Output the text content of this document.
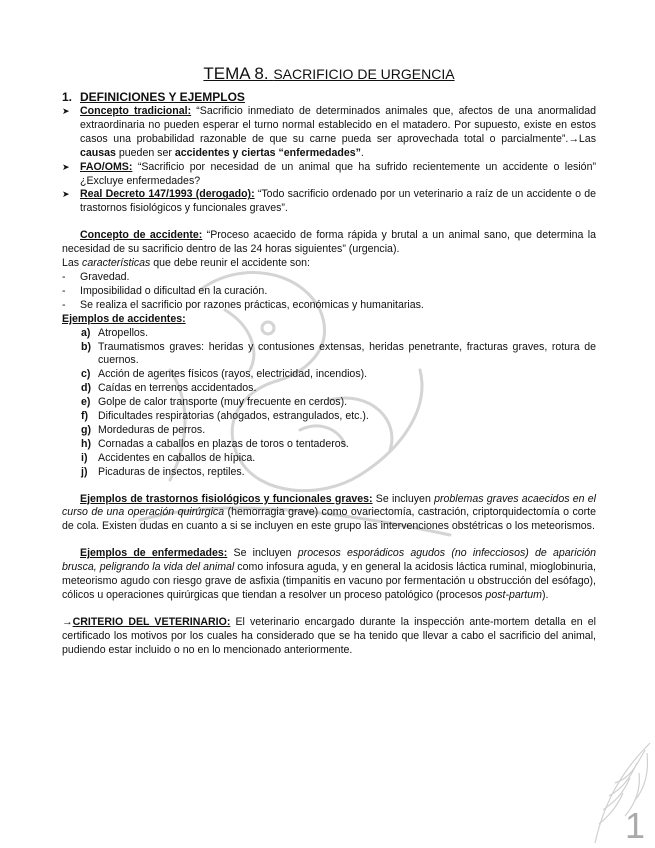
1
TEMA 8. SACRIFICIO DE URGENCIA
1. DEFINICIONES Y EJEMPLOS
➤ Concepto tradicional: “Sacrificio inmediato de determinados animales que, afectos de una anormalidad extraordinaria no pueden esperar el turno normal establecido en el matadero. Por supuesto, existe en estos casos una probabilidad razonable de que su carne pueda ser aprovechada total o parcialmente”.→Las causas pueden ser accidentes y ciertas “enfermedades”.
➤ FAO/OMS: “Sacrificio por necesidad de un animal que ha sufrido recientemente un accidente o lesión” ¿Excluye enfermedades?
➤ Real Decreto 147/1993 (derogado): “Todo sacrificio ordenado por un veterinario a raíz de un accidente o de trastornos fisiológicos y funcionales graves”.

Concepto de accidente: “Proceso acaecido de forma rápida y brutal a un animal sano, que determina la necesidad de su sacrificio dentro de las 24 horas siguientes” (urgencia).

Las características que debe reunir el accidente son:

- Gravedad.
- Imposibilidad o dificultad en la curación.
- Se realiza el sacrificio por razones prácticas, económicas y humanitarias.

Ejemplos de accidentes:

a) Atropellos.
b) Traumatismos graves: heridas y contusiones extensas, heridas penetrante, fracturas graves, rotura de cuernos.
c) Acción de agentes físicos (rayos, electricidad, incendios).
d) Caídas en terrenos accidentados.
e) Golpe de calor transporte (muy frecuente en cerdos).
f) Dificultades respiratorias (ahogados, estrangulados, etc.).
g) Mordeduras de perros.
h) Cornadas a caballos en plazas de toros o tentaderos.
i) Accidentes en caballos de hípica.
j) Picaduras de insectos, reptiles.

Ejemplos de trastornos fisiológicos y funcionales graves: Se incluyen problemas graves acaecidos en el curso de una operación quirúrgica (hemorragia grave) como ovariectomía, castración, criptorquidectomía o corte de cola. Existen dudas en cuanto a si se incluyen en este grupo las intervenciones obstétricas o los meteorismos.

Ejemplos de enfermedades: Se incluyen procesos esporádicos agudos (no infecciosos) de aparición brusca, peligrando la vida del animal como infosura aguda, y en general la acidosis láctica ruminal, mioglobinuria, meteorismo agudo con riesgo grave de asfixia (timpanitis en vacuno por fermentación u obstrucción del esófago), cólicos u operaciones quirúrgicas que tiendan a resolver un proceso patológico (procesos post-partum).

→CRITERIO DEL VETERINARIO: El veterinario encargado durante la inspección ante-mortem detalla en el certificado los motivos por los cuales ha considerado que se ha tenido que llevar a cabo el sacrificio del animal, pudiendo estar incluido o no en lo mencionado anteriormente.
